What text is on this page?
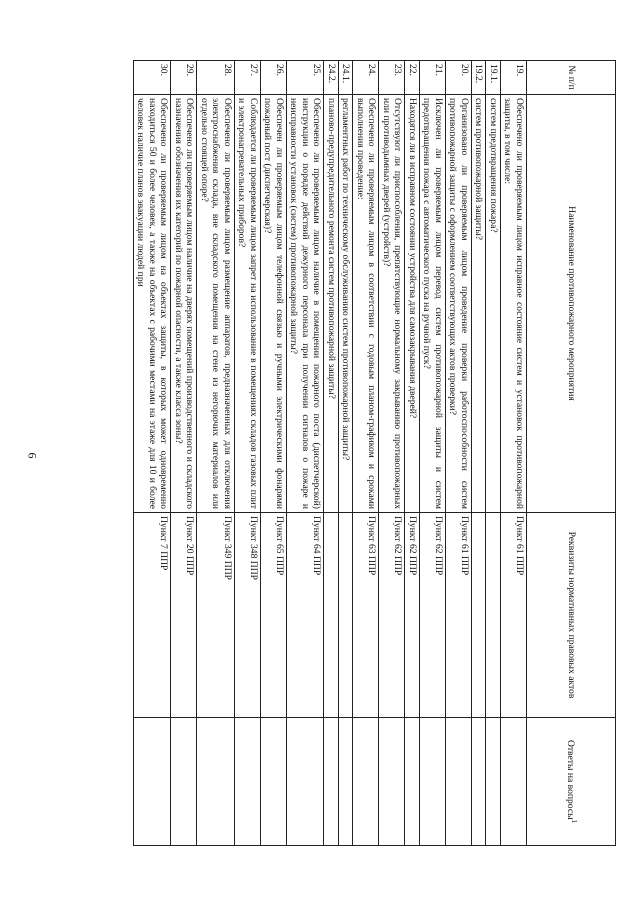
6
№ п/п	Наименование противопожарного мероприятия	Реквизиты нормативных правовых актов	Ответы на вопросы$^1$
19.	Обеспечено ли проверяемым лицом исправное состояние систем и установок противопожарной защиты, в том числе:	Пункт 61 ППР	
19.1.	систем предотвращения пожара?		
19.2.	систем противопожарной защиты?		
20.	Организовано ли проверяемым лицом проведение проверки работоспособности систем противопожарной защиты с оформлением соответствующих актов проверки?	Пункт 61 ППР	
21.	Исключен ли проверяемым лицом перевод систем противопожарной защиты и систем предотвращения пожара с автоматического пуска на ручной пуск?	Пункт 62 ППР	
22.	Находятся ли в исправном состоянии устройства для самозакрывания дверей?	Пункт 62 ППР	
23.	Отсутствуют ли приспособления, препятствующие нормальному закрыванию противопожарных или противодымных дверей (устройств)?	Пункт 62 ППР	
24.	Обеспечено ли проверяемым лицом в соответствии с годовым планом-графиком и сроками выполнения проведение:	Пункт 63 ППР	
24.1.	регламентных работ по техническому обслуживанию систем противопожарной защиты?		
24.2.	планово-предупредительного ремонта систем противопожарной защиты?		
25.	Обеспечено ли проверяемым лицом наличие в помещении пожарного поста (диспетчерской) инструкции о порядке действий дежурного персонала при получении сигналов о пожаре и неисправности установок (систем) противопожарной защиты?	Пункт 64 ППР	
26.	Обеспечен ли проверяемым лицом телефонной связью и ручными электрическими фонарями пожарный пост (диспетчерская)?	Пункт 65 ППР	
27.	Соблюдается ли проверяемым лицом запрет на использование в помещениях складов газовых плит и электронагревательных приборов?	Пункт 348 ППР	
28.	Обеспечено ли проверяемым лицом размещение аппаратов, предназначенных для отключения электроснабжения склада, вне складского помещения на стене из негорючих материалов или отдельно стоящей опоре?	Пункт 349 ППР	
29.	Обеспечено ли проверяемым лицом наличие на дверях помещений производственного и складского назначения обозначения их категорий по пожарной опасности, а также класса зоны?	Пункт 20 ППР	
30.	Обеспечено ли проверяемым лицом на объектах защиты, в которых может одновременно находиться 50 и более человек, а также на объектах с рабочими местами на этаже для 10 и более человек наличие планов эвакуации людей при	Пункт 7 ППР	
